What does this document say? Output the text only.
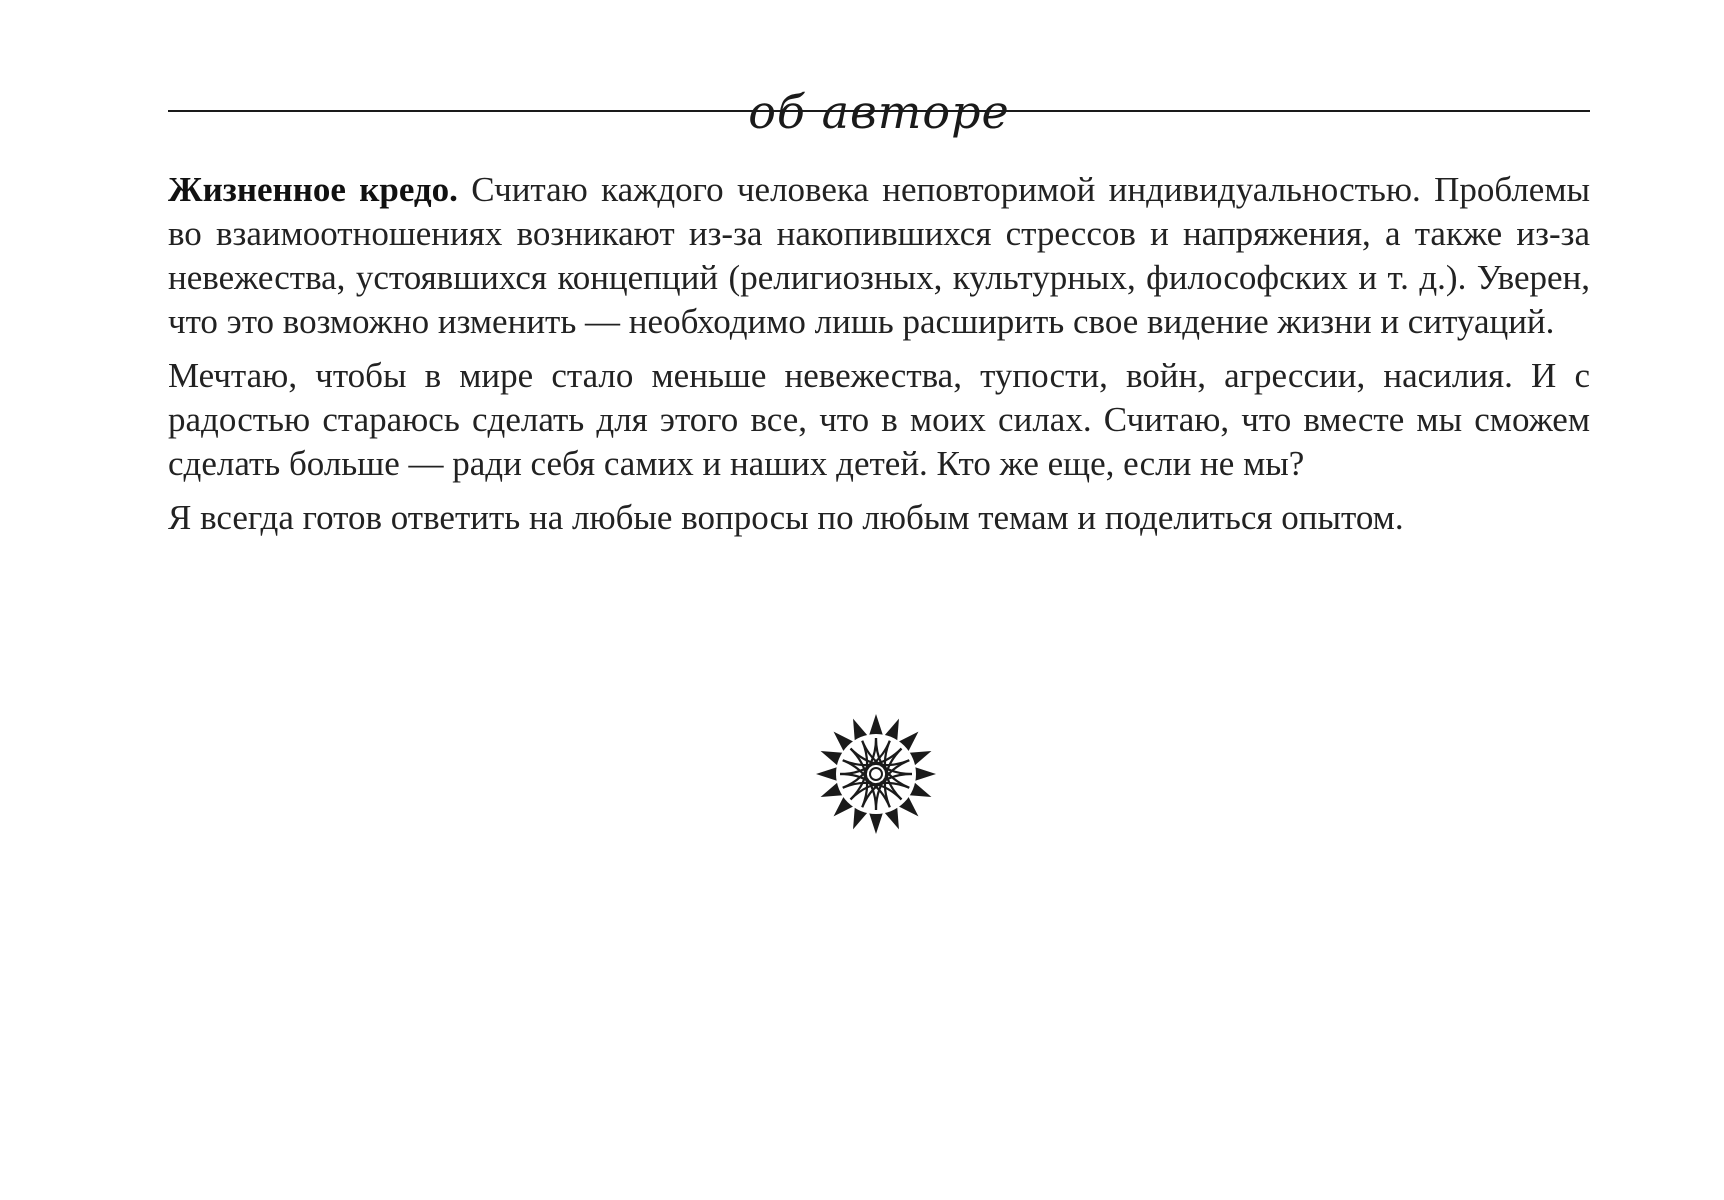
об авторе

Жизненное кредо. Считаю каждого человека неповторимой индивидуальностью. Проблемы во взаимоотношениях возникают из-за накопившихся стрессов и напряжения, а также из-за невежества, устоявшихся концепций (религиозных, культурных, философских и т. д.). Уверен, что это возможно изменить — необходимо лишь расширить свое видение жизни и ситуаций.

Мечтаю, чтобы в мире стало меньше невежества, тупости, войн, агрессии, насилия. И с радостью стараюсь сделать для этого все, что в моих силах. Считаю, что вместе мы сможем сделать больше — ради себя самих и наших детей. Кто же еще, если не мы?

Я всегда готов ответить на любые вопросы по любым темам и поделиться опытом.
